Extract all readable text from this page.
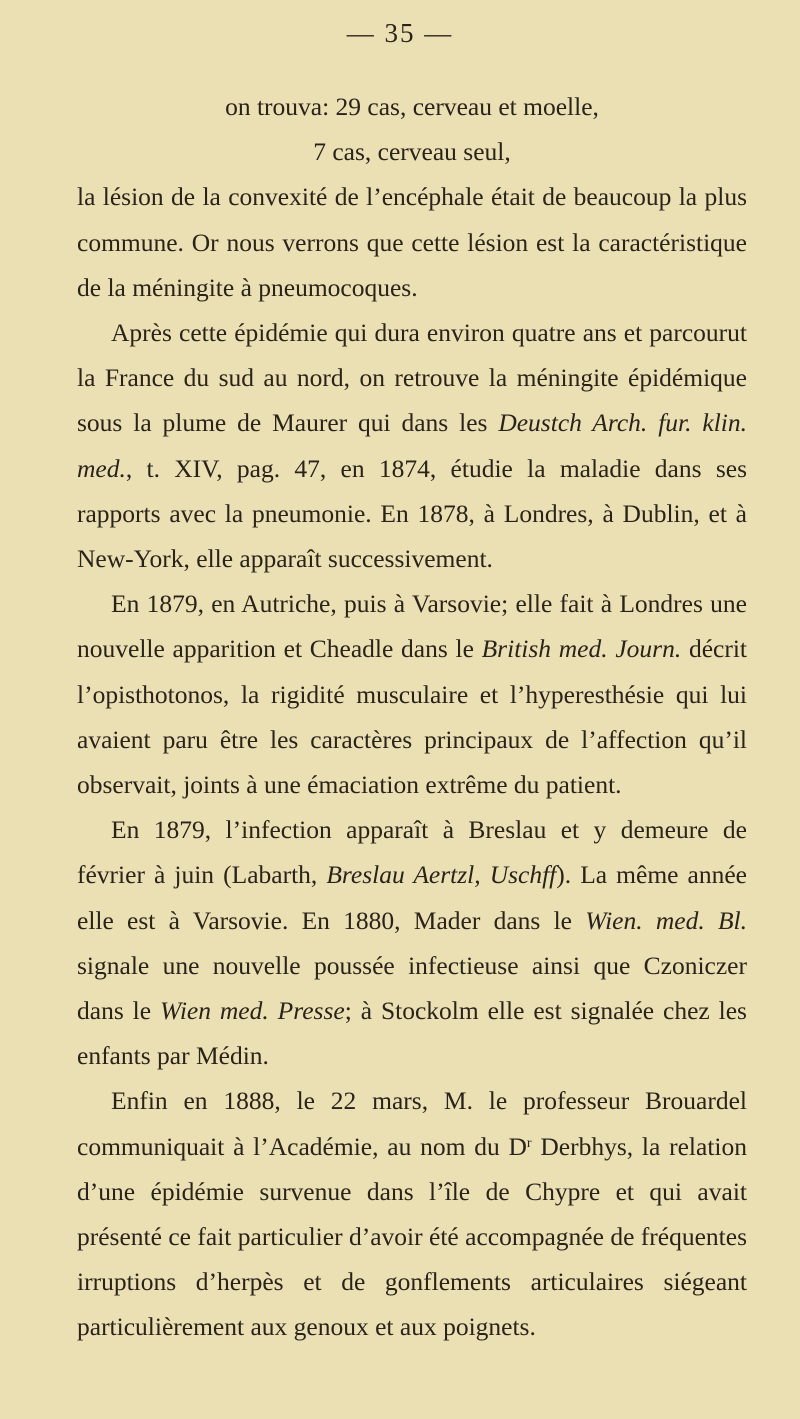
— 35 —

on trouva: 29 cas, cerveau et moelle,
7 cas, cerveau seul,

la lésion de la convexité de l’encéphale était de beaucoup la plus commune. Or nous verrons que cette lésion est la caractéristique de la méningite à pneumocoques.

Après cette épidémie qui dura environ quatre ans et parcourut la France du sud au nord, on retrouve la méningite épidémique sous la plume de Maurer qui dans les Deustch Arch. fur. klin. med., t. XIV, pag. 47, en 1874, étudie la maladie dans ses rapports avec la pneumonie. En 1878, à Londres, à Dublin, et à New-York, elle apparaît successivement.

En 1879, en Autriche, puis à Varsovie; elle fait à Londres une nouvelle apparition et Cheadle dans le British med. Journ. décrit l’opisthotonos, la rigidité musculaire et l’hyperesthésie qui lui avaient paru être les caractères principaux de l’affection qu’il observait, joints à une émaciation extrême du patient.

En 1879, l’infection apparaît à Breslau et y demeure de février à juin (Labarth, Breslau Aertzl, Uschff). La même année elle est à Varsovie. En 1880, Mader dans le Wien. med. Bl. signale une nouvelle poussée infectieuse ainsi que Czoniczer dans le Wien med. Presse; à Stockolm elle est signalée chez les enfants par Médin.

Enfin en 1888, le 22 mars, M. le professeur Brouardel communiquait à l’Académie, au nom du $D^r$ Derbhys, la relation d’une épidémie survenue dans l’île de Chypre et qui avait présenté ce fait particulier d’avoir été accompagnée de fréquentes irruptions d’herpès et de gonflements articulaires siégeant particulièrement aux genoux et aux poignets.
